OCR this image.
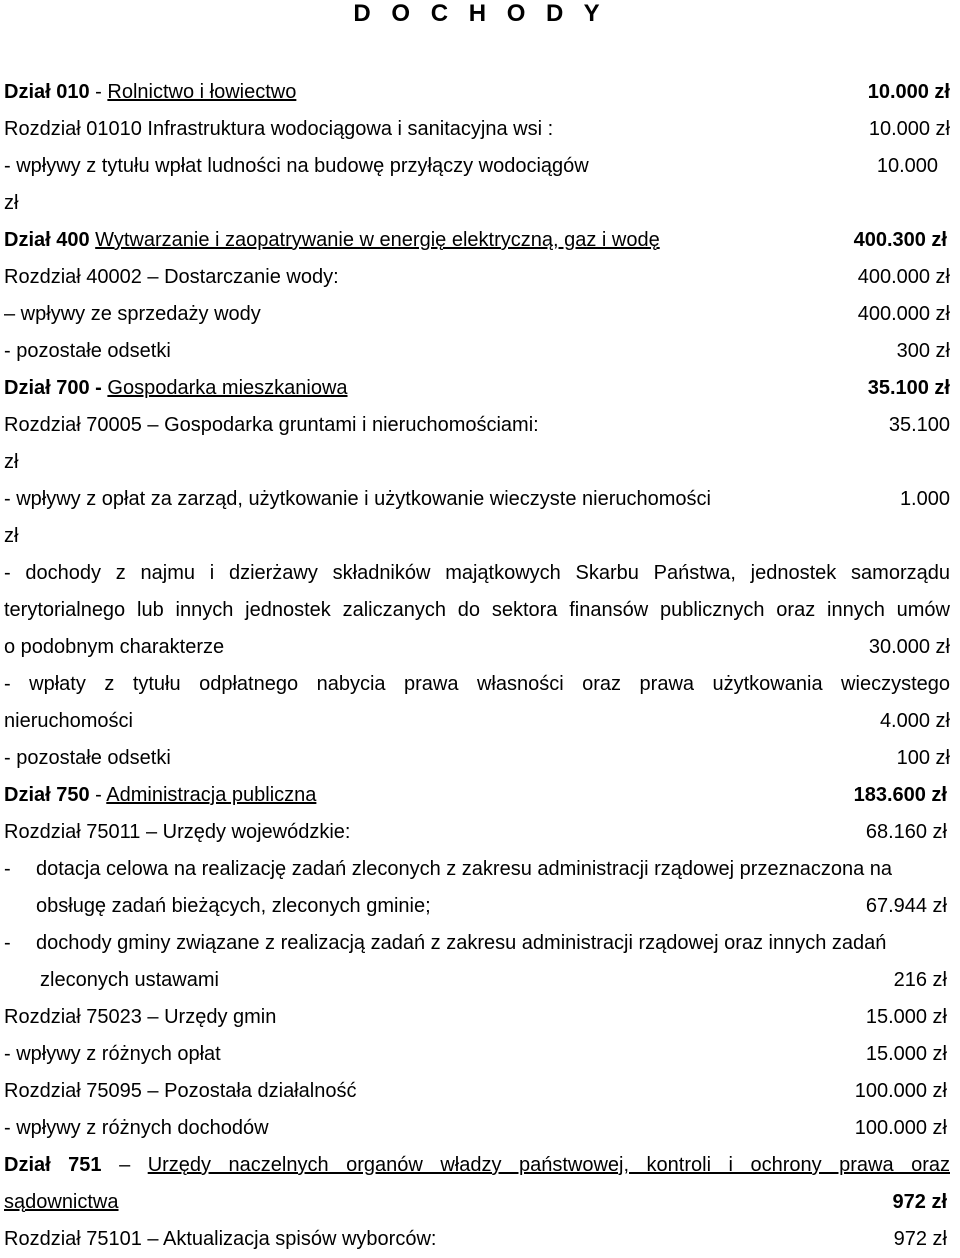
D O C H O D Y
Dział 010 - Rolnictwo i łowiectwo	10.000 zł
Rozdział 01010 Infrastruktura wodociągowa i sanitacyjna wsi :	10.000 zł
- wpływy z tytułu wpłat ludności na budowę przyłączy wodociągów	10.000
zł
Dział 400 Wytwarzanie i zaopatrywanie w energię elektryczną, gaz i wodę	400.300 zł
Rozdział 40002 – Dostarczanie wody:	400.000 zł
– wpływy ze sprzedaży wody	400.000 zł
- pozostałe odsetki	300 zł
Dział 700 - Gospodarka mieszkaniowa	35.100 zł
Rozdział 70005 – Gospodarka gruntami i nieruchomościami:	35.100
zł
- wpływy z opłat za zarząd, użytkowanie i użytkowanie wieczyste nieruchomości	1.000
zł
- dochody z najmu i dzierżawy składników majątkowych Skarbu Państwa, jednostek samorządu
terytorialnego lub innych jednostek zaliczanych do sektora finansów publicznych oraz innych umów
o podobnym charakterze	30.000 zł
- wpłaty z tytułu odpłatnego nabycia prawa własności oraz prawa użytkowania wieczystego
nieruchomości	4.000 zł
- pozostałe odsetki	100 zł
Dział 750 - Administracja publiczna	183.600 zł
Rozdział 75011 – Urzędy wojewódzkie:	68.160 zł
- dotacja celowa na realizację zadań zleconych z zakresu administracji rządowej przeznaczona na
obsługę zadań bieżących, zleconych gminie;	67.944 zł
- dochody gminy związane z realizacją zadań z zakresu administracji rządowej oraz innych zadań
zleconych ustawami	216 zł
Rozdział 75023 – Urzędy gmin	15.000 zł
- wpływy z różnych opłat	15.000 zł
Rozdział 75095 – Pozostała działalność	100.000 zł
- wpływy z różnych dochodów	100.000 zł
Dział 751 – Urzędy naczelnych organów władzy państwowej, kontroli i ochrony prawa oraz
sądownictwa	972 zł
Rozdział 75101 – Aktualizacja spisów wyborców:	972 zł
